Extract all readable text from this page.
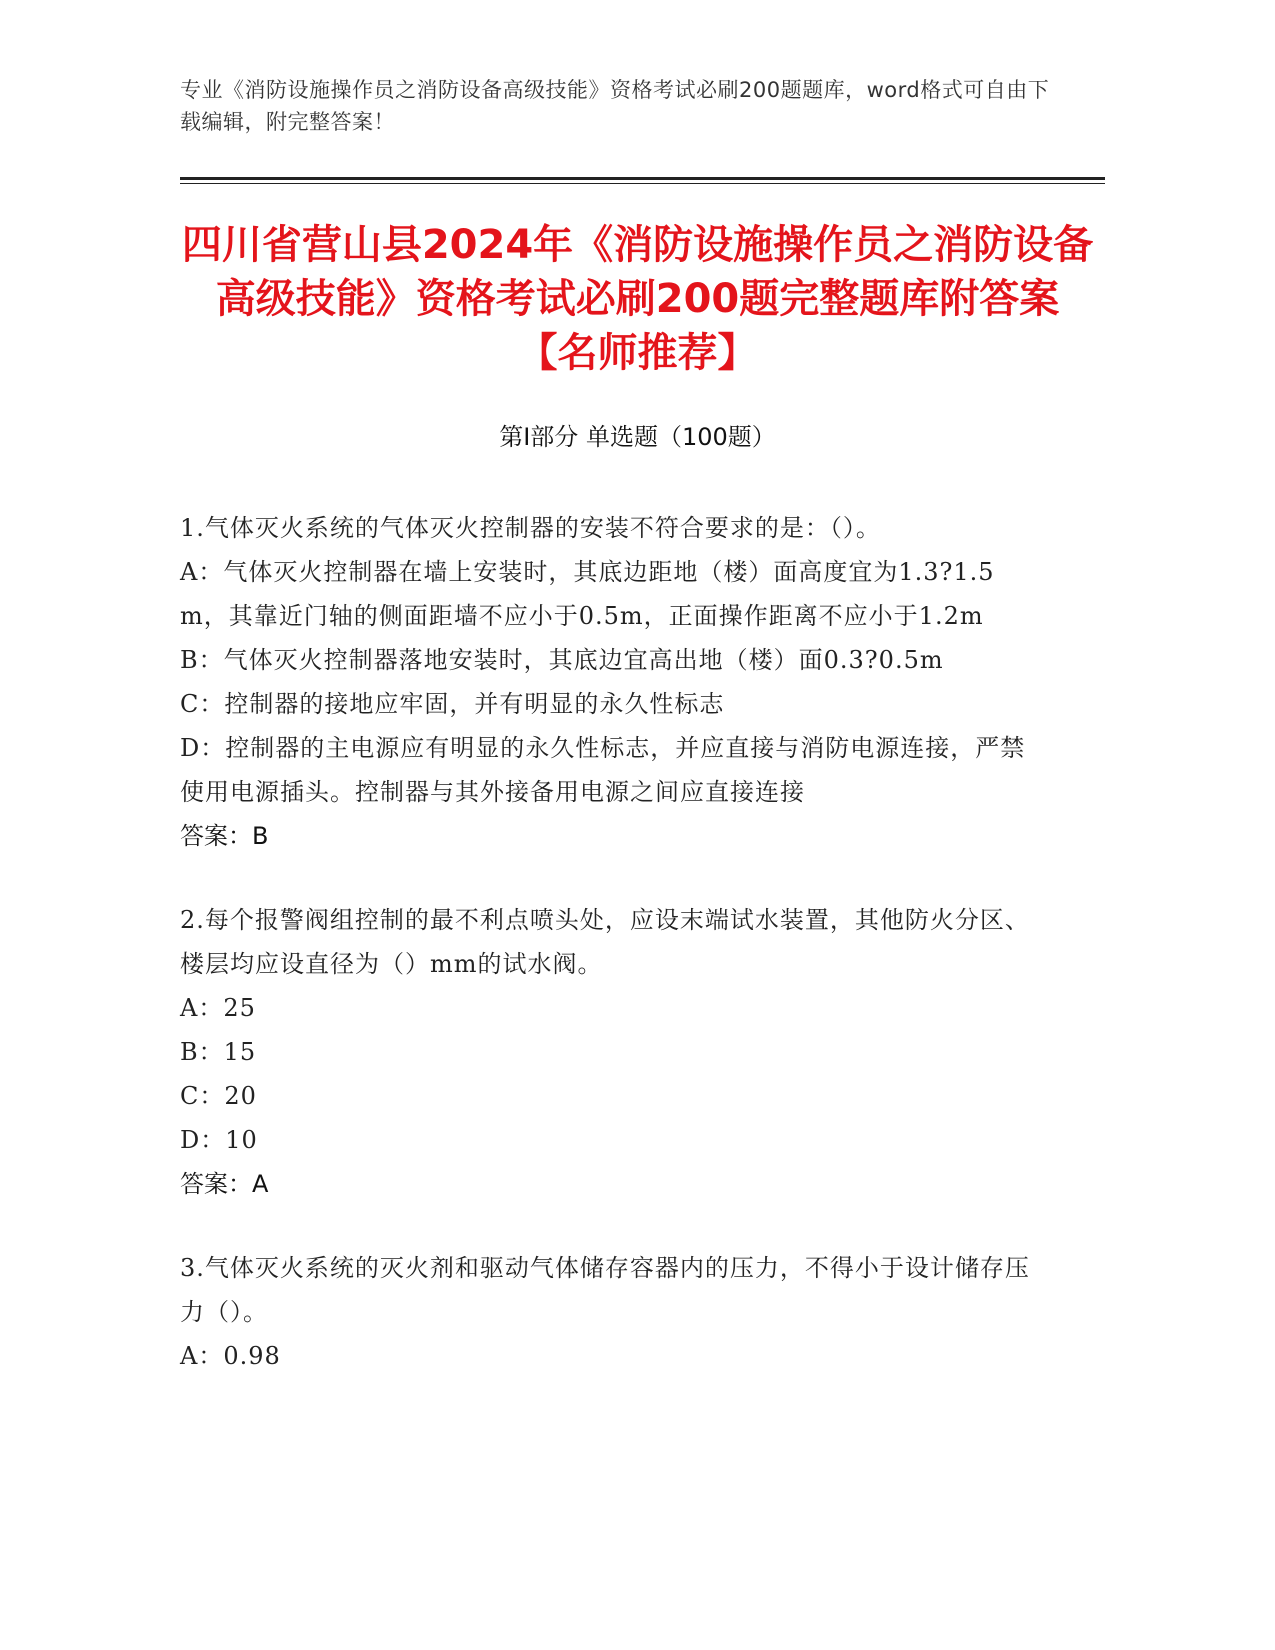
专业《消防设施操作员之消防设备高级技能》资格考试必刷200题题库，word格式可自由下载编辑，附完整答案！
四川省营山县2024年《消防设施操作员之消防设备高级技能》资格考试必刷200题完整题库附答案【名师推荐】
第I部分 单选题（100题）
1.气体灭火系统的气体灭火控制器的安装不符合要求的是：（）。
A：气体灭火控制器在墙上安装时，其底边距地（楼）面高度宜为1.3?1.5m，其靠近门轴的侧面距墙不应小于0.5m，正面操作距离不应小于1.2m
B：气体灭火控制器落地安装时，其底边宜高出地（楼）面0.3?0.5m
C：控制器的接地应牢固，并有明显的永久性标志
D：控制器的主电源应有明显的永久性标志，并应直接与消防电源连接，严禁使用电源插头。控制器与其外接备用电源之间应直接连接
答案：B
2.每个报警阀组控制的最不利点喷头处，应设末端试水装置，其他防火分区、楼层均应设直径为（）mm的试水阀。
A：25
B：15
C：20
D：10
答案：A
3.气体灭火系统的灭火剂和驱动气体储存容器内的压力，不得小于设计储存压力（）。
A：0.98
